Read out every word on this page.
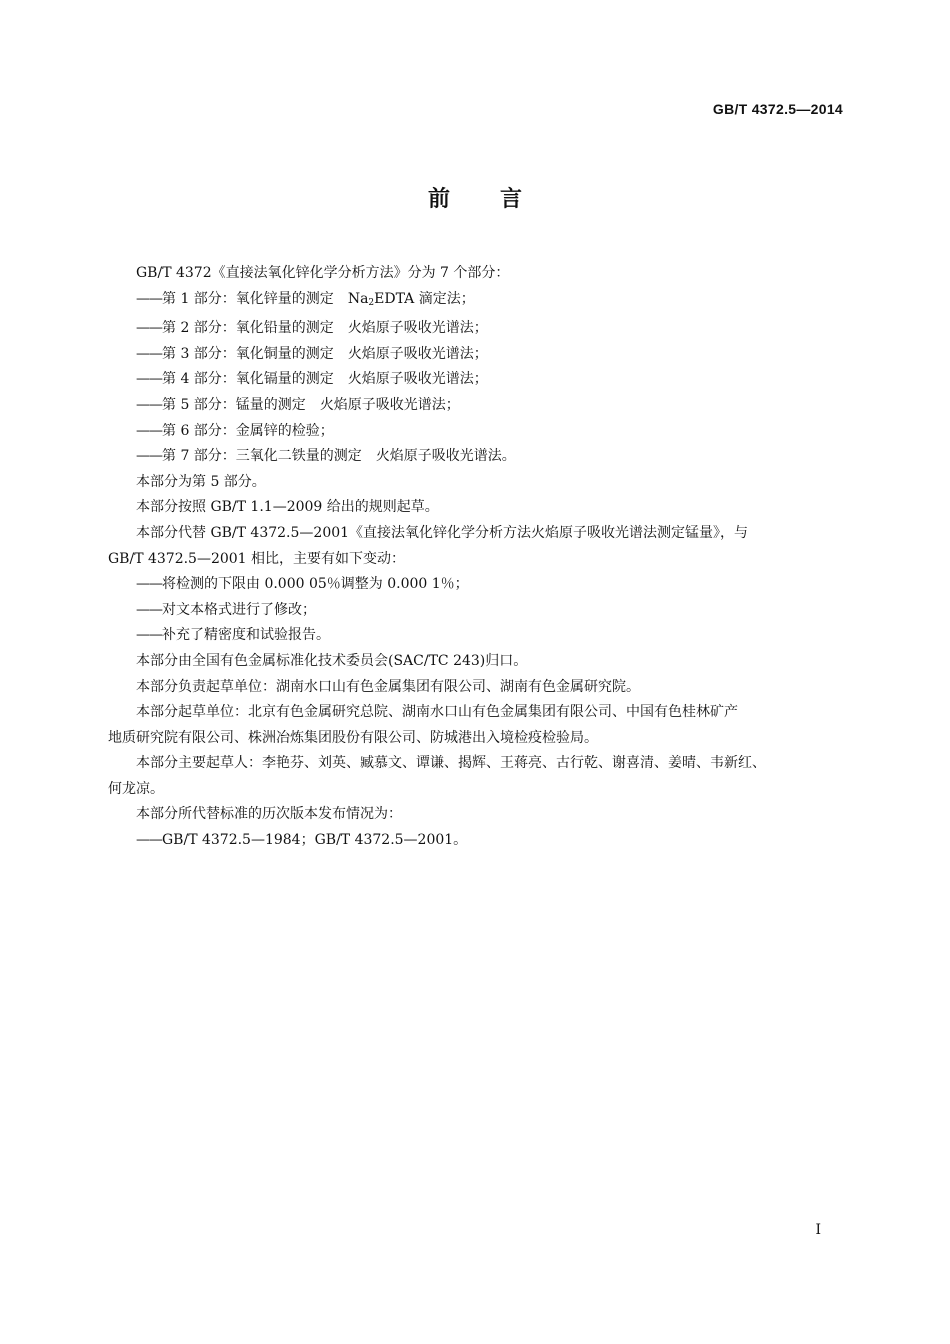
GB/T 4372.5—2014
前言

GB/T 4372《直接法氧化锌化学分析方法》分为 7 个部分：

——第 1 部分：氧化锌量的测定 $Na_2EDTA$ 滴定法；

——第 2 部分：氧化铅量的测定 火焰原子吸收光谱法；

——第 3 部分：氧化铜量的测定 火焰原子吸收光谱法；

——第 4 部分：氧化镉量的测定 火焰原子吸收光谱法；

——第 5 部分：锰量的测定 火焰原子吸收光谱法；

——第 6 部分：金属锌的检验；

——第 7 部分：三氧化二铁量的测定 火焰原子吸收光谱法。

本部分为第 5 部分。

本部分按照 GB/T 1.1—2009 给出的规则起草。

本部分代替 GB/T 4372.5—2001《直接法氧化锌化学分析方法火焰原子吸收光谱法测定锰量》，与

GB/T 4372.5—2001 相比，主要有如下变动：

——将检测的下限由 0.000 05％调整为 0.000 1％；

——对文本格式进行了修改；

——补充了精密度和试验报告。

本部分由全国有色金属标准化技术委员会(SAC/TC 243)归口。

本部分负责起草单位：湖南水口山有色金属集团有限公司、湖南有色金属研究院。

本部分起草单位：北京有色金属研究总院、湖南水口山有色金属集团有限公司、中国有色桂林矿产

地质研究院有限公司、株洲冶炼集团股份有限公司、防城港出入境检疫检验局。

本部分主要起草人：李艳芬、刘英、臧慕文、谭谦、揭辉、王蒋亮、古行乾、谢喜清、姜晴、韦新红、

何龙凉。

本部分所代替标准的历次版本发布情况为：

——GB/T 4372.5—1984；GB/T 4372.5—2001。

I
